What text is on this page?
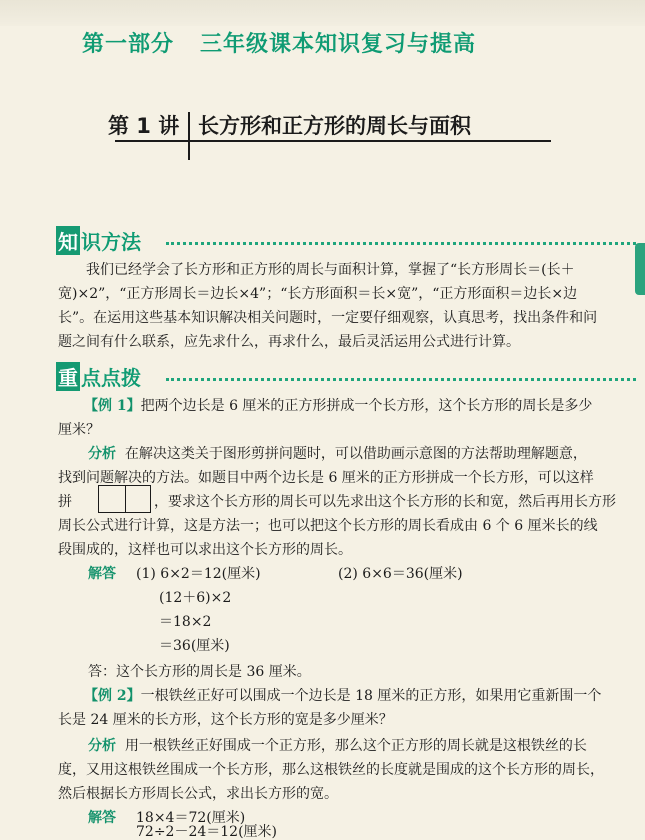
第一部分 三年级课本知识复习与提高
第 1 讲 长方形和正方形的周长与面积
知 识方法
我们已经学会了长方形和正方形的周长与面积计算，掌握了“长方形周长＝(长＋
宽)×2”，“正方形周长＝边长×4”；“长方形面积＝长×宽”，“正方形面积＝边长×边
长”。在运用这些基本知识解决相关问题时，一定要仔细观察，认真思考，找出条件和问
题之间有什么联系，应先求什么，再求什么，最后灵活运用公式进行计算。
重 点点拨
【例 1】把两个边长是 6 厘米的正方形拼成一个长方形，这个长方形的周长是多少
厘米？
分析 在解决这类关于图形剪拼问题时，可以借助画示意图的方法帮助理解题意，
找到问题解决的方法。如题目中两个边长是 6 厘米的正方形拼成一个长方形，可以这样
拼	，要求这个长方形的周长可以先求出这个长方形的长和宽，然后再用长方形
周长公式进行计算，这是方法一；也可以把这个长方形的周长看成由 6 个 6 厘米长的线
段围成的，这样也可以求出这个长方形的周长。
解答 (1) 6×2＝12(厘米)	(2) 6×6＝36(厘米)
(12＋6)×2
＝18×2
＝36(厘米)
答：这个长方形的周长是 36 厘米。
【例 2】一根铁丝正好可以围成一个边长是 18 厘米的正方形，如果用它重新围一个
长是 24 厘米的长方形，这个长方形的宽是多少厘米？
分析 用一根铁丝正好围成一个正方形，那么这个正方形的周长就是这根铁丝的长
度，又用这根铁丝围成一个长方形，那么这根铁丝的长度就是围成的这个长方形的周长，
然后根据长方形周长公式，求出长方形的宽。
解答 18×4＝72(厘米)
72÷2－24＝12(厘米)
